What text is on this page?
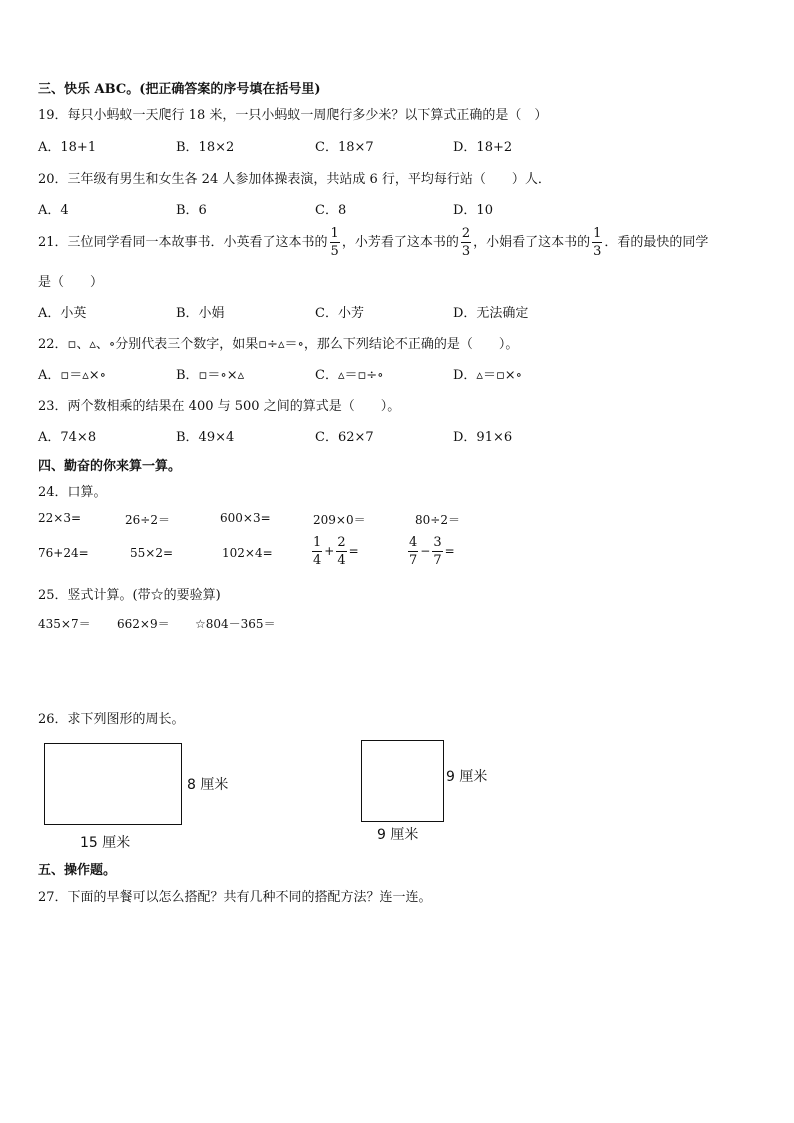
三、快乐 ABC。(把正确答案的序号填在括号里)
19．每只小蚂蚁一天爬行 18 米，一只小蚂蚁一周爬行多少米？以下算式正确的是（　）
A．18+1	B．18×2	C．18×7	D．18+2
20．三年级有男生和女生各 24 人参加体操表演，共站成 6 行，平均每行站（　　）人．
A．4	B．6	C．8	D．10
21．三位同学看同一本故事书．小英看了这本书的 $\frac{1}{5}$ ，小芳看了这本书的 $\frac{2}{3}$ ，小娟看了这本书的 $\frac{1}{3}$ ．看的最快的同学
是（　　）
A．小英	B．小娟	C．小芳	D．无法确定
22．▫、▵、∘分别代表三个数字，如果▫÷▵＝∘，那么下列结论不正确的是（　　）。
A．▫＝▵×∘	B．▫＝∘×▵	C．▵＝▫÷∘	D．▵＝▫×∘
23．两个数相乘的结果在 400 与 500 之间的算式是（　　）。
A．74×8	B．49×4	C．62×7	D．91×6
四、勤奋的你来算一算。
24．口算。
22×3=	26÷2＝	600×3=	209×0＝	80÷2＝
76+24=	55×2=	102×4=	$\frac{1}{4} + \frac{2}{4}$ =	$\frac{4}{7} - \frac{3}{7}$ =
25．竖式计算。(带☆的要验算)
435×7＝ 662×9＝ ☆804－365＝
26．求下列图形的周长。
8 厘米
15 厘米
9 厘米
9 厘米
五、操作题。
27．下面的早餐可以怎么搭配？共有几种不同的搭配方法？连一连。
